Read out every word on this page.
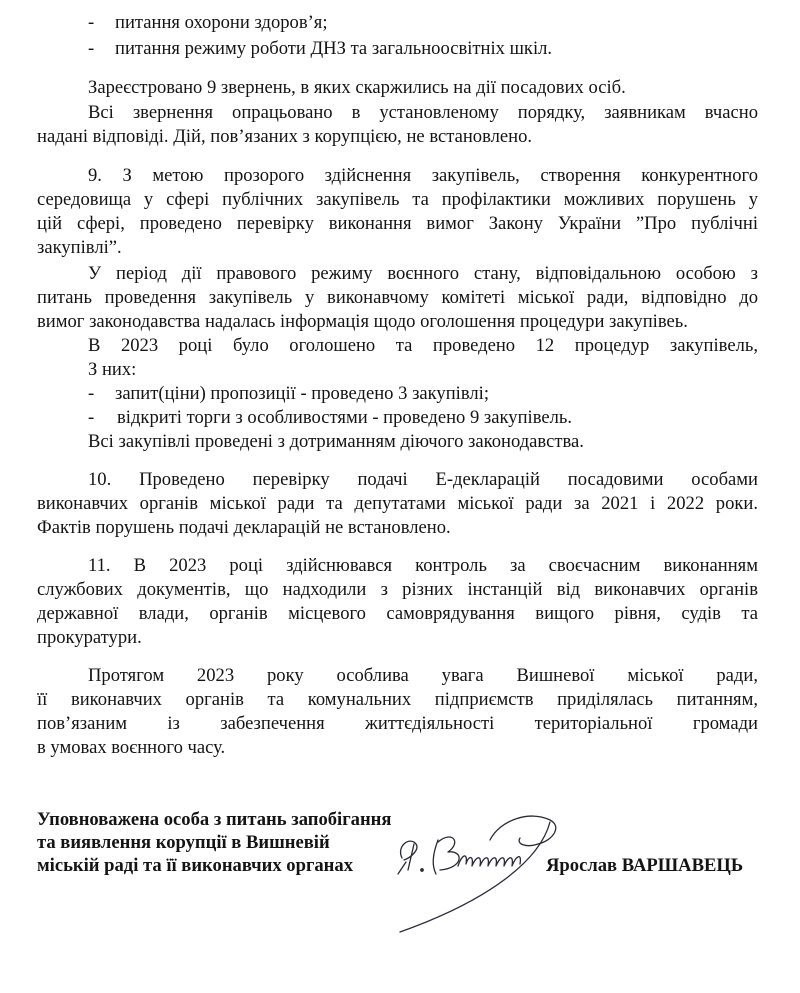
- питання охорони здоров’я;
- питання режиму роботи ДНЗ та загальноосвітніх шкіл.

Зареєстровано 9 звернень, в яких скаржились на дії посадових осіб.

Всі звернення опрацьовано в установленому порядку, заявникам вчасно

надані відповіді. Дій, пов’язаних з корупцією, не встановлено.

9. З метою прозорого здійснення закупівель, створення конкурентного

середовища у сфері публічних закупівель та профілактики можливих порушень у

цій сфері, проведено перевірку виконання вимог Закону України ”Про публічні

закупівлі”.

У період дії правового режиму воєнного стану, відповідальною особою з

питань проведення закупівель у виконавчому комітеті міської ради, відповідно до

вимог законодавства надалась інформація щодо оголошення процедури закупівеь.

В 2023 році було оголошено та проведено 12 процедур закупівель,

З них:

- запит(ціни) пропозиції - проведено 3 закупівлі;
- відкриті торги з особливостями - проведено 9 закупівель.

Всі закупівлі проведені з дотриманням діючого законодавства.

10. Проведено перевірку подачі Е-декларацій посадовими особами

виконавчих органів міської ради та депутатами міської ради за 2021 і 2022 роки.

Фактів порушень подачі декларацій не встановлено.

11. В 2023 році здійснювався контроль за своєчасним виконанням

службових документів, що надходили з різних інстанцій від виконавчих органів

державної влади, органів місцевого самоврядування вищого рівня, судів та

прокуратури.

Протягом 2023 року особлива увага Вишневої міської ради,

її виконавчих органів та комунальних підприємств приділялась питанням,

пов’язаним із забезпечення життєдіяльності територіальної громади

в умовах воєнного часу.

Уповноважена особа з питань запобігання

та виявлення корупції в Вишневій

міській раді та її виконавчих органах	Ярослав ВАРШАВЕЦЬ
